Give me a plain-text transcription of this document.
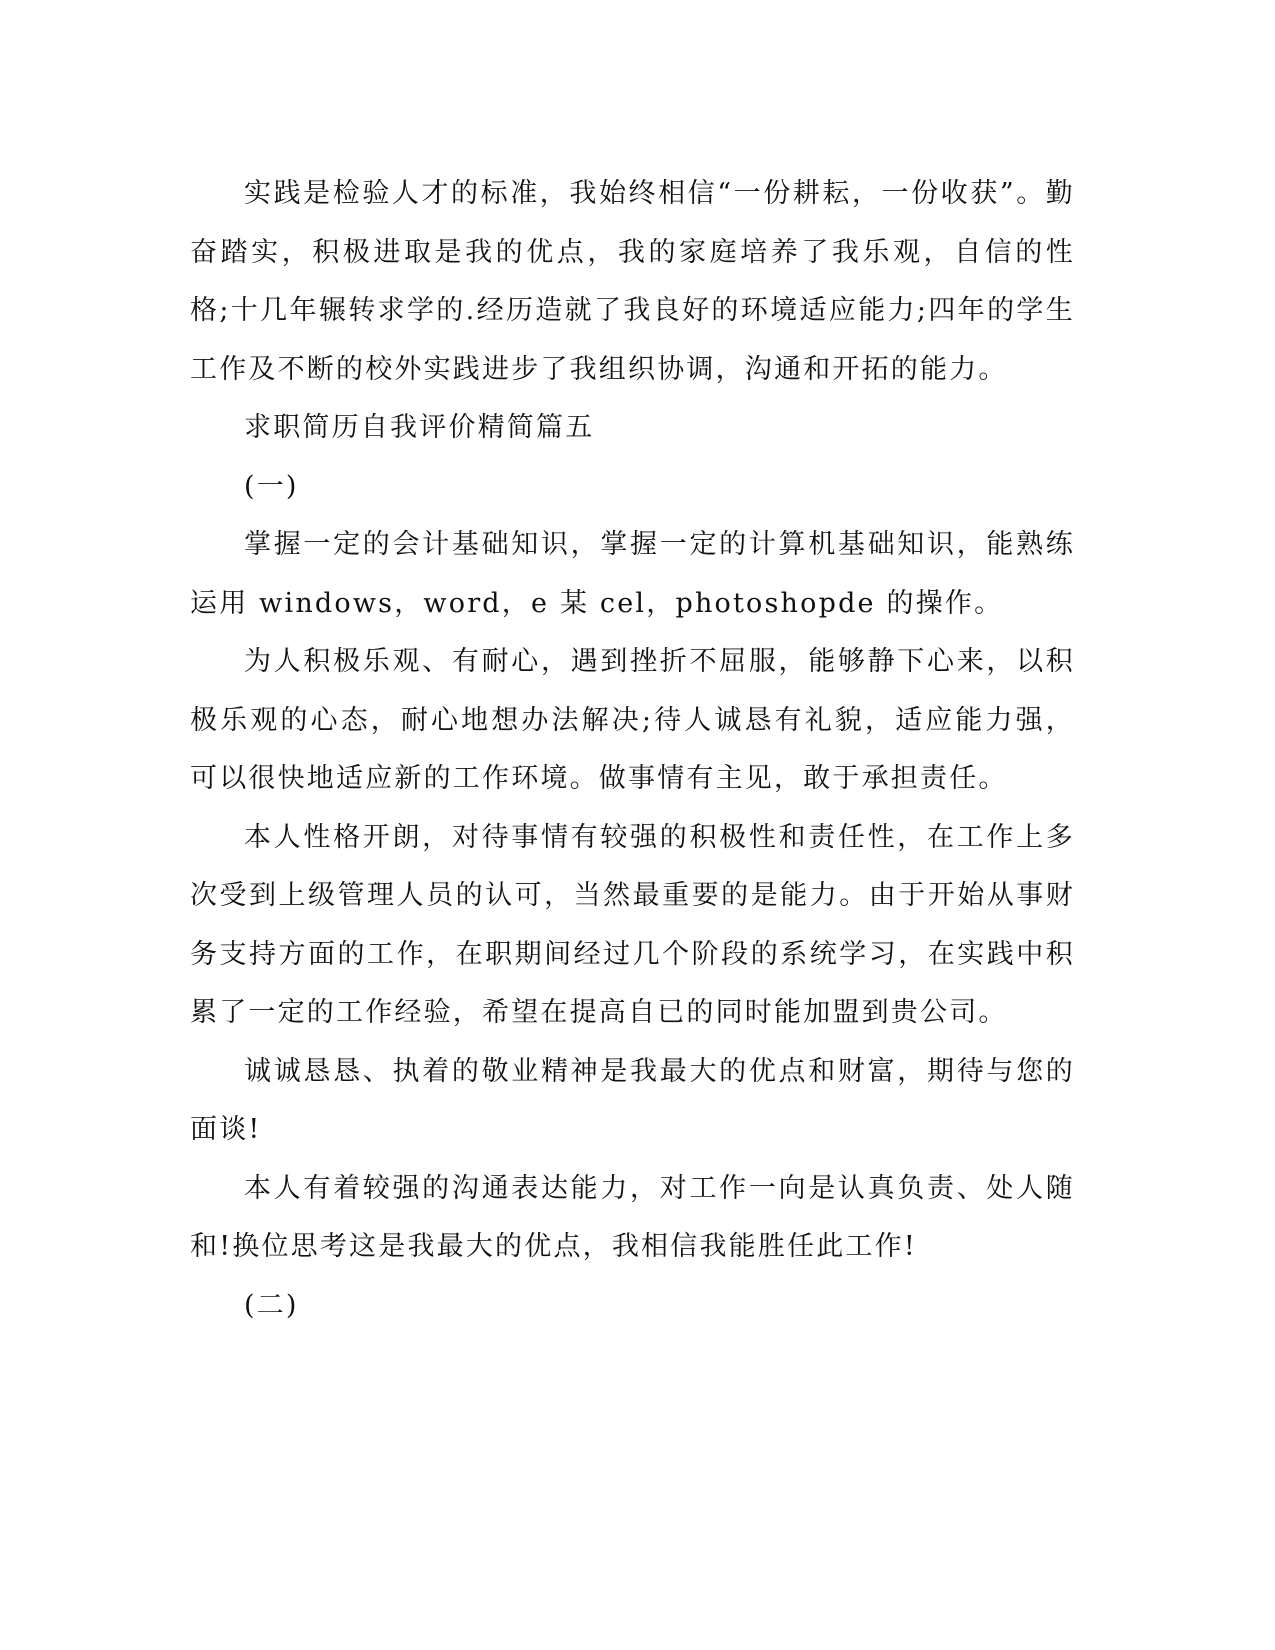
实践是检验人才的标准，我始终相信“一份耕耘，一份收获”。勤奋踏实，积极进取是我的优点，我的家庭培养了我乐观，自信的性格;十几年辗转求学的.经历造就了我良好的环境适应能力;四年的学生工作及不断的校外实践进步了我组织协调，沟通和开拓的能力。

求职简历自我评价精简篇五

(一)

掌握一定的会计基础知识，掌握一定的计算机基础知识，能熟练运用 windows，word，e 某 cel，photoshopde 的操作。

为人积极乐观、有耐心，遇到挫折不屈服，能够静下心来，以积极乐观的心态，耐心地想办法解决;待人诚恳有礼貌，适应能力强，可以很快地适应新的工作环境。做事情有主见，敢于承担责任。

本人性格开朗，对待事情有较强的积极性和责任性，在工作上多次受到上级管理人员的认可，当然最重要的是能力。由于开始从事财务支持方面的工作，在职期间经过几个阶段的系统学习，在实践中积累了一定的工作经验，希望在提高自已的同时能加盟到贵公司。

诚诚恳恳、执着的敬业精神是我最大的优点和财富，期待与您的面谈!

本人有着较强的沟通表达能力，对工作一向是认真负责、处人随和!换位思考这是我最大的优点，我相信我能胜任此工作!

(二)
